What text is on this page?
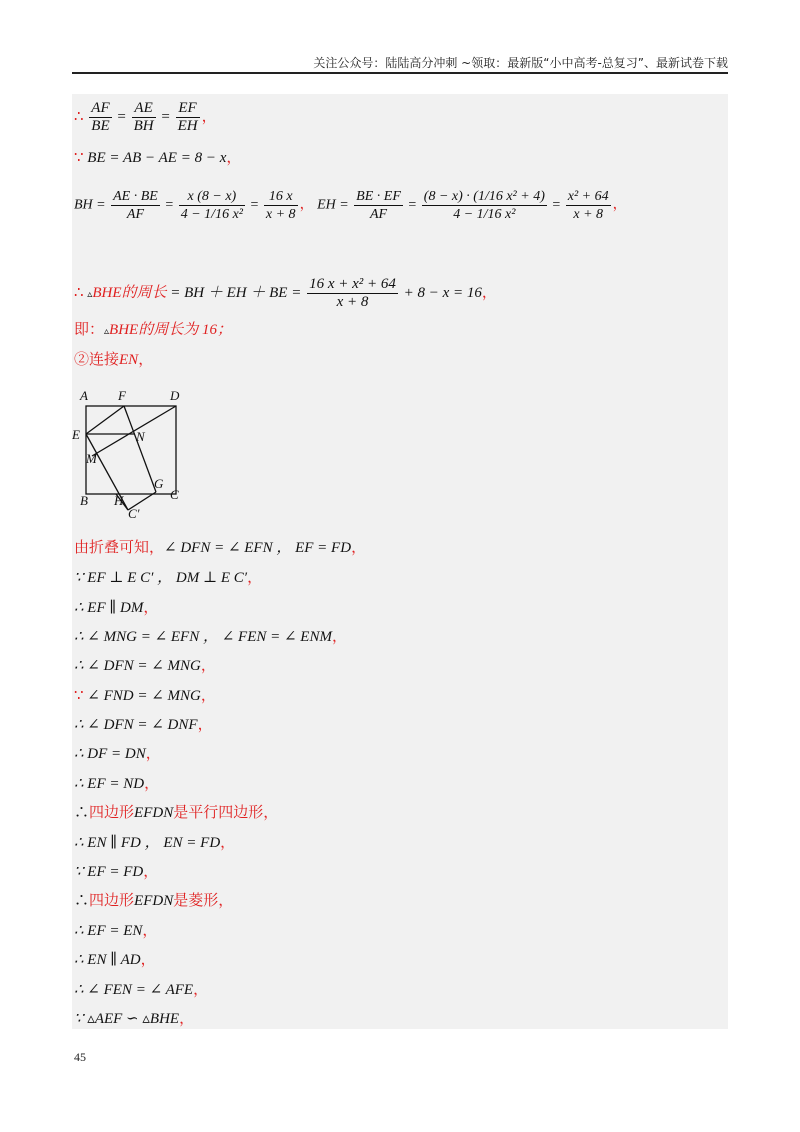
关注公众号：陆陆高分冲刺 ~领取：最新版“小中高考-总复习”、最新试卷下载
∴ $\frac{AF}{BE} = \frac{AE}{BH} = \frac{EF}{EH}$ ，
∵ BE = AB − AE = 8 − x，
BH = $\frac{AE \cdot BE}{AF} = \frac{x (8 - x)}{\text{4 − 1/16 x²}} = \frac{16 x}{x + 8}$ ， EH = $\frac{BE \cdot EF}{AF} = \frac{\text{(8 − x) · (1/16 x² + 4)}}{\text{4 − 1/16 x²}} = \frac{\text{x² + 64}}{x + 8}$ ，
∴ ▵BHE的周长 = BH ＋ EH ＋ BE = $\frac{\text{16 x + x² + 64}}{x + 8} + 8 - x = 16$，
即：▵BHE的周长为 16；
②连接EN，
A F	D
E	N
M
G
B H	C
C′
由折叠可知，∠ DFN = ∠ EFN ， EF = FD，
∵ EF ⊥ E C′ ， DM ⊥ E C′，
∴ EF ∥ DM，
∴ ∠ MNG = ∠ EFN ， ∠ FEN = ∠ ENM，
∴ ∠ DFN = ∠ MNG，
∵ ∠ FND = ∠ MNG，
∴ ∠ DFN = ∠ DNF，
∴ DF = DN，
∴ EF = ND，
∴四边形EFDN是平行四边形，
∴ EN ∥ FD ， EN = FD，
∵ EF = FD，
∴四边形EFDN是菱形，
∴ EF = EN，
∴ EN ∥ AD，
∴ ∠ FEN = ∠ AFE，
∵ ▵AEF ∽ ▵BHE，
45
